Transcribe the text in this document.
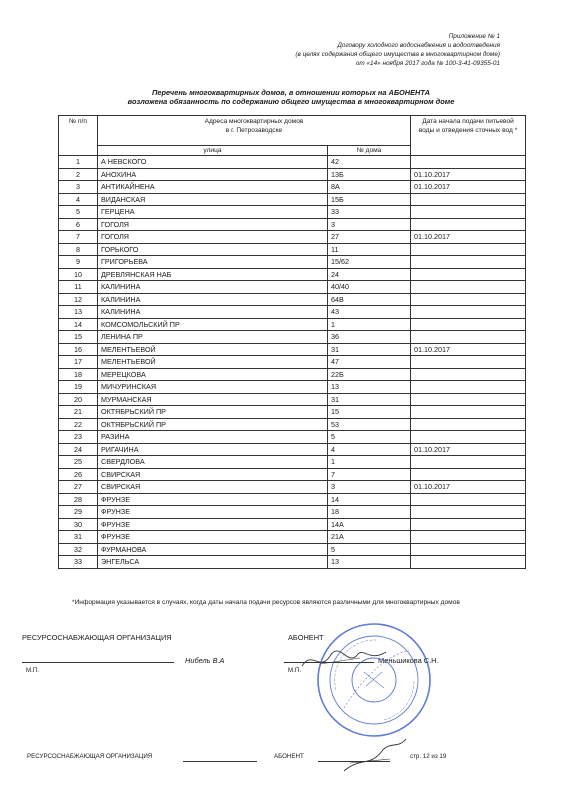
Приложение № 1
Договору холодного водоснабжения и водоотведения
(в целях содержания общего имущества в многоквартирном доме)
от «14» ноября 2017 года № 100-3-41-09355-01
Перечень многоквартирных домов, в отношении которых на АБОНЕНТА
возложена обязанность по содержанию общего имущества в многоквартирном доме
№ п/п	Адреса многоквартирных домов
в г. Петрозаводске		Дата начала подачи питьевой воды и отведения сточных вод *
	улица	№ дома	
1	А НЕВСКОГО	42	
2	АНОХИНА	13Б	01.10.2017
3	АНТИКАЙНЕНА	8А	01.10.2017
4	ВИДАНСКАЯ	15Б	
5	ГЕРЦЕНА	33	
6	ГОГОЛЯ	3	
7	ГОГОЛЯ	27	01.10.2017
8	ГОРЬКОГО	11	
9	ГРИГОРЬЕВА	15/62	
10	ДРЕВЛЯНСКАЯ НАБ	24	
11	КАЛИНИНА	40/40	
12	КАЛИНИНА	64В	
13	КАЛИНИНА	43	
14	КОМСОМОЛЬСКИЙ ПР	1	
15	ЛЕНИНА ПР	36	
16	МЕЛЕНТЬЕВОЙ	31	01.10.2017
17	МЕЛЕНТЬЕВОЙ	47	
18	МЕРЕЦКОВА	22Б	
19	МИЧУРИНСКАЯ	13	
20	МУРМАНСКАЯ	31	
21	ОКТЯБРЬСКИЙ ПР	15	
22	ОКТЯБРЬСКИЙ ПР	53	
23	РАЗИНА	5	
24	РИГАЧИНА	4	01.10.2017
25	СВЕРДЛОВА	1	
26	СВИРСКАЯ	7	
27	СВИРСКАЯ	3	01.10.2017
28	ФРУНЗЕ	14	
29	ФРУНЗЕ	18	
30	ФРУНЗЕ	14А	
31	ФРУНЗЕ	21А	
32	ФУРМАНОВА	5	
33	ЭНГЕЛЬСА	13	
*Информация указывается в случаях, когда даты начала подачи ресурсов являются различными для многоквартирных домов
РЕСУРСОСНАБЖАЮЩАЯ ОРГАНИЗАЦИЯ	АБОНЕНТ
Нибель В.А
М.П.
Меньшикова С.Н.
М.П.
РЕСУРСОСНАБЖАЮЩАЯ ОРГАНИЗАЦИЯ	АБОНЕНТ	стр. 12 из 19
